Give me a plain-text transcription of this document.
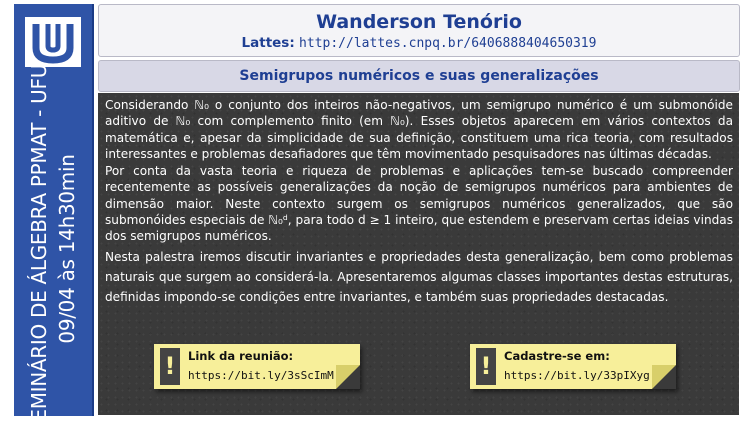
SEMINÁRIO DE ÁLGEBRA PPMAT - UFU 09/04 às 14h30min
Wanderson Tenório
Lattes: http://lattes.cnpq.br/6406888404650319
Semigrupos numéricos e suas generalizações

Considerando ℕ₀ o conjunto dos inteiros não-negativos, um semigrupo numérico é um submonóide aditivo de ℕ₀ com complemento finito (em ℕ₀). Esses objetos aparecem em vários contextos da matemática e, apesar da simplicidade de sua definição, constituem uma rica teoria, com resultados interessantes e problemas desafiadores que têm movimentado pesquisadores nas últimas décadas.

Por conta da vasta teoria e riqueza de problemas e aplicações tem-se buscado compreender recentemente as possíveis generalizações da noção de semigrupos numéricos para ambientes de dimensão maior. Neste contexto surgem os semigrupos numéricos generalizados, que são submonóides especiais de ℕ₀ᵈ, para todo d ≥ 1 inteiro, que estendem e preservam certas ideias vindas dos semigrupos numéricos.

Nesta palestra iremos discutir invariantes e propriedades desta generalização, bem como problemas naturais que surgem ao considerá-la. Apresentaremos algumas classes importantes destas estruturas, definidas impondo-se condições entre invariantes, e também suas propriedades destacadas.

!	Link da reunião:
https://bit.ly/3sScImM	!	Cadastre-se em:
https://bit.ly/33pIXyg
